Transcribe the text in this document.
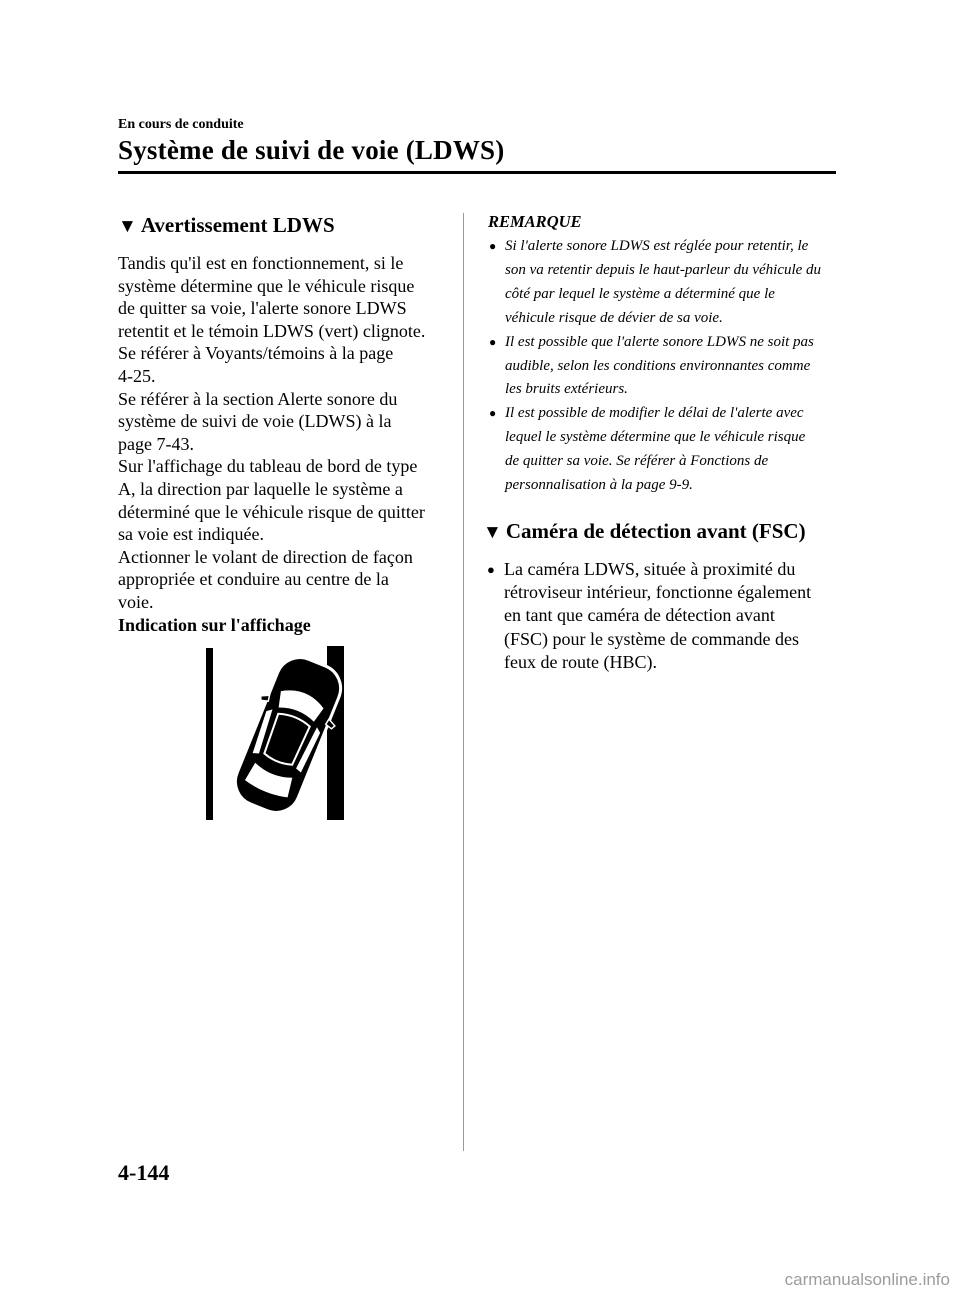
En cours de conduite
Système de suivi de voie (LDWS)
▼ Avertissement LDWS

Tandis qu'il est en fonctionnement, si le

système détermine que le véhicule risque

de quitter sa voie, l'alerte sonore LDWS

retentit et le témoin LDWS (vert) clignote.

Se référer à Voyants/témoins à la page

4-25.

Se référer à la section Alerte sonore du

système de suivi de voie (LDWS) à la

page 7-43.

Sur l'affichage du tableau de bord de type

A, la direction par laquelle le système a

déterminé que le véhicule risque de quitter

sa voie est indiquée.

Actionner le volant de direction de façon

appropriée et conduire au centre de la

voie.

Indication sur l'affichage

REMARQUE
● Si l'alerte sonore LDWS est réglée pour retentir, le son va retentir depuis le haut-parleur du véhicule du côté par lequel le système a déterminé que le véhicule risque de dévier de sa voie.
● Il est possible que l'alerte sonore LDWS ne soit pas audible, selon les conditions environnantes comme les bruits extérieurs.
● Il est possible de modifier le délai de l'alerte avec lequel le système détermine que le véhicule risque de quitter sa voie. Se référer à Fonctions de personnalisation à la page 9-9.
▼ Caméra de détection avant (FSC)
● La caméra LDWS, située à proximité du rétroviseur intérieur, fonctionne également en tant que caméra de détection avant (FSC) pour le système de commande des feux de route (HBC).
4-144
carmanualsonline.info
